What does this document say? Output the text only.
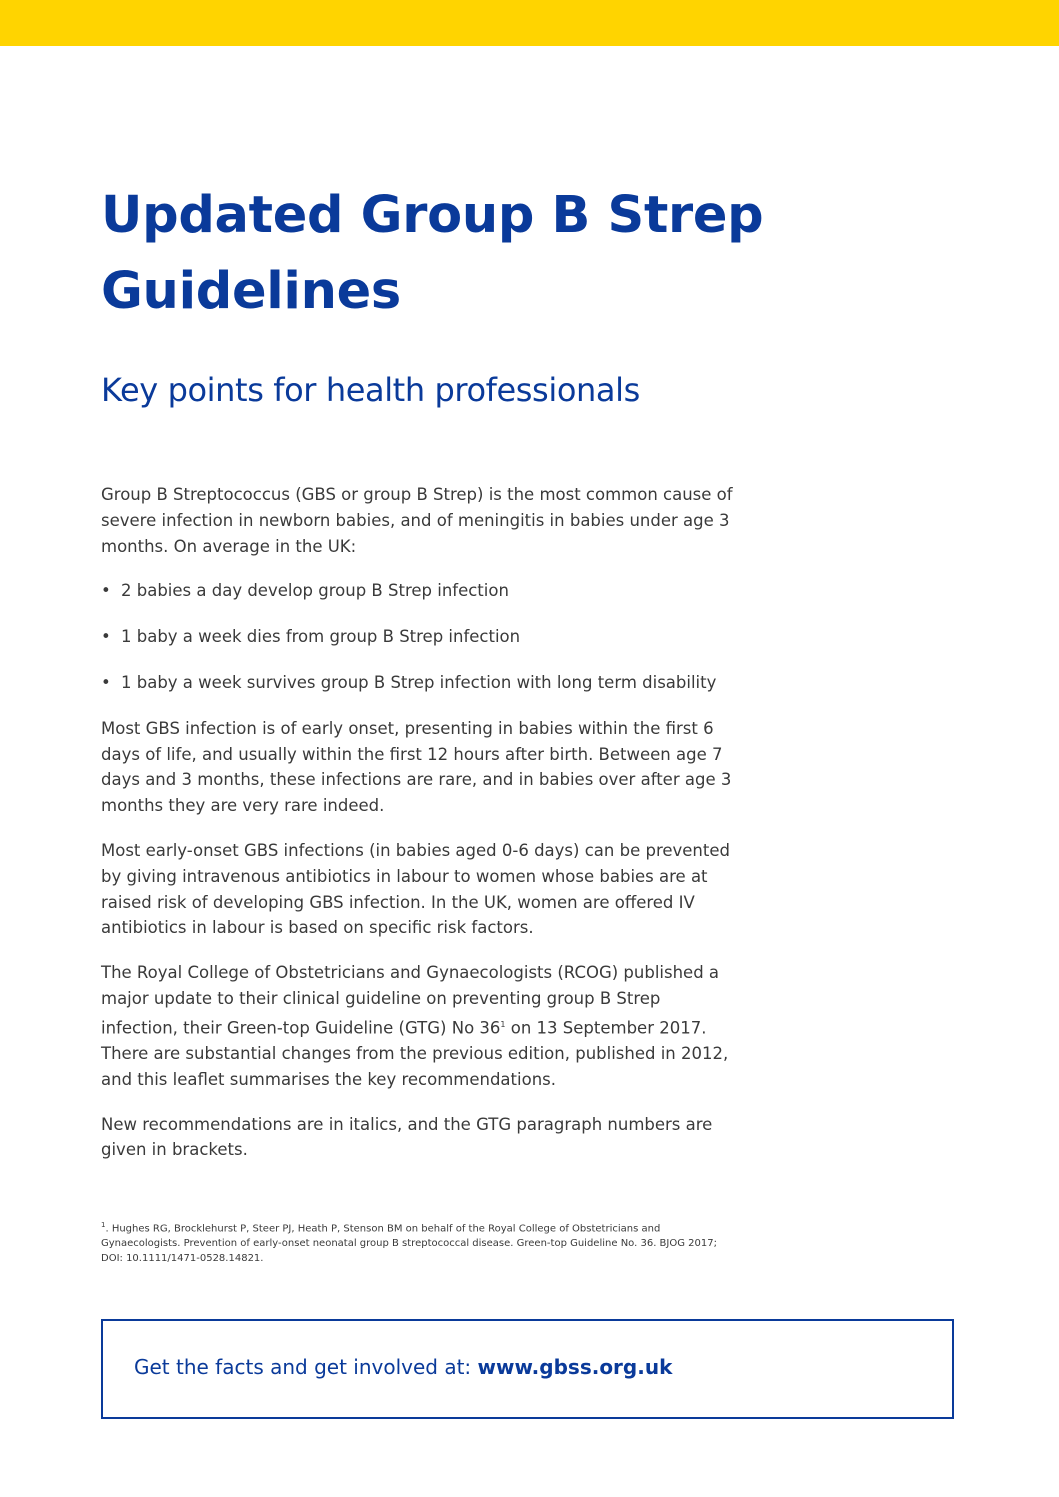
Updated Group B Strep Guidelines
Key points for health professionals

Group B Streptococcus (GBS or group B Strep) is the most common cause of severe infection in newborn babies, and of meningitis in babies under age 3 months. On average in the UK:

• 2 babies a day develop group B Strep infection
• 1 baby a week dies from group B Strep infection
• 1 baby a week survives group B Strep infection with long term disability

Most GBS infection is of early onset, presenting in babies within the first 6 days of life, and usually within the first 12 hours after birth. Between age 7 days and 3 months, these infections are rare, and in babies over after age 3 months they are very rare indeed.

Most early-onset GBS infections (in babies aged 0-6 days) can be prevented by giving intravenous antibiotics in labour to women whose babies are at raised risk of developing GBS infection. In the UK, women are offered IV antibiotics in labour is based on specific risk factors.

The Royal College of Obstetricians and Gynaecologists (RCOG) published a major update to their clinical guideline on preventing group B Strep infection, their Green-top Guideline (GTG) No 36$^1$ on 13 September 2017. There are substantial changes from the previous edition, published in 2012, and this leaflet summarises the key recommendations.

New recommendations are in italics, and the GTG paragraph numbers are given in brackets.

$^1$. Hughes RG, Brocklehurst P, Steer PJ, Heath P, Stenson BM on behalf of the Royal College of Obstetricians and Gynaecologists. Prevention of early-onset neonatal group B streptococcal disease. Green-top Guideline No. 36. BJOG 2017; DOI: 10.1111/1471-0528.14821.
Get the facts and get involved at: www.gbss.org.uk
